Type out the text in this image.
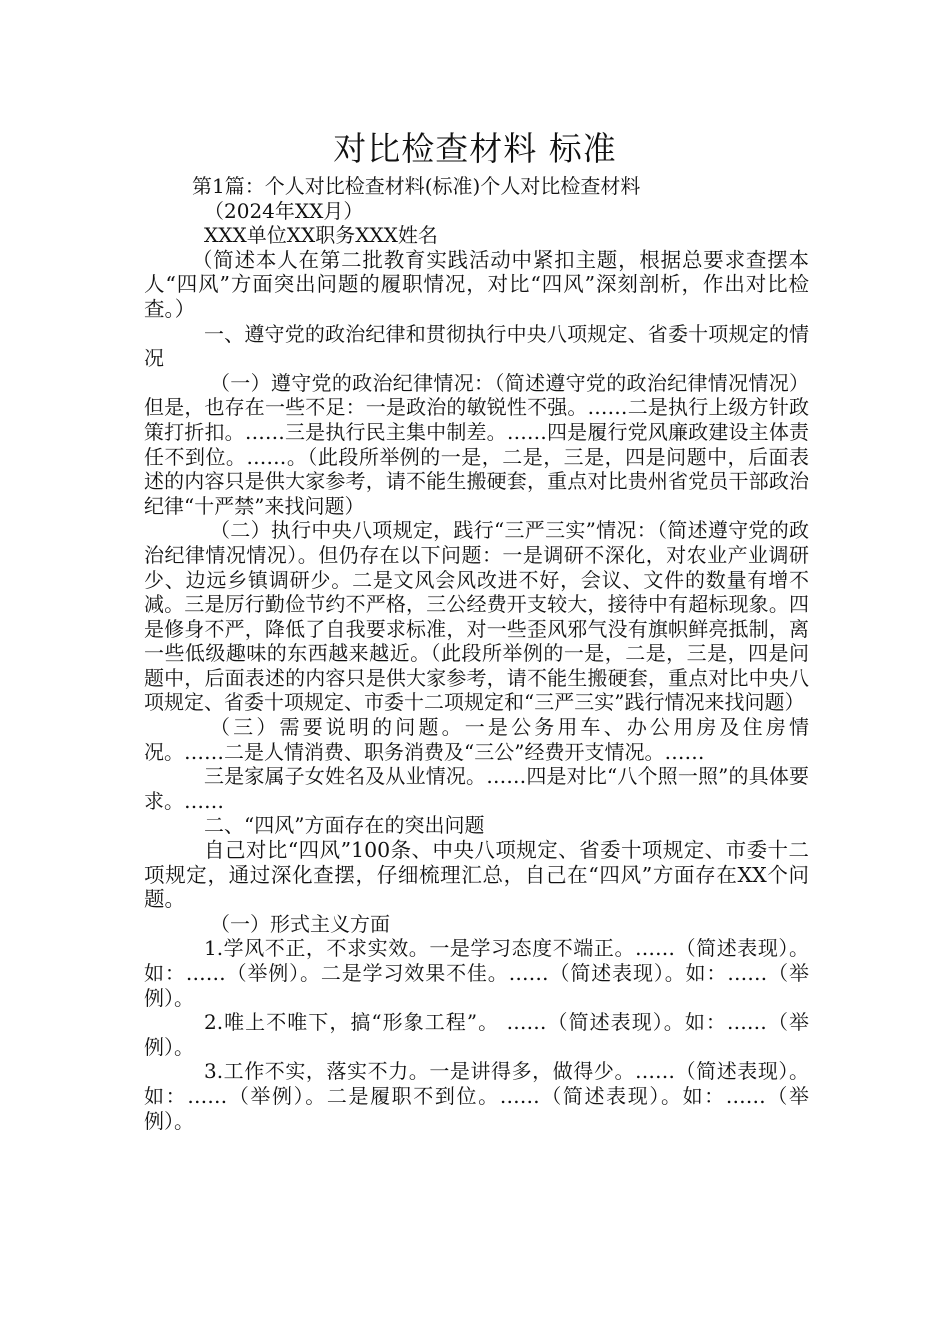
对比检查材料 标准

第1篇：个人对比检查材料(标准)个人对比检查材料

（2024年XX月）

XXX单位XX职务XXX姓名

（简述本人在第二批教育实践活动中紧扣主题，根据总要求查摆本人“四风”方面突出问题的履职情况，对比“四风”深刻剖析，作出对比检查。）

一、遵守党的政治纪律和贯彻执行中央八项规定、省委十项规定的情况

（一）遵守党的政治纪律情况：（简述遵守党的政治纪律情况情况）但是，也存在一些不足：一是政治的敏锐性不强。……二是执行上级方针政策打折扣。……三是执行民主集中制差。……四是履行党风廉政建设主体责任不到位。……。（此段所举例的一是，二是，三是，四是问题中，后面表述的内容只是供大家参考，请不能生搬硬套，重点对比贵州省党员干部政治纪律“十严禁”来找问题）

（二）执行中央八项规定，践行“三严三实”情况：（简述遵守党的政治纪律情况情况）。但仍存在以下问题：一是调研不深化，对农业产业调研少、边远乡镇调研少。二是文风会风改进不好，会议、文件的数量有增不减。三是厉行勤俭节约不严格，三公经费开支较大，接待中有超标现象。四是修身不严，降低了自我要求标准，对一些歪风邪气没有旗帜鲜亮抵制，离一些低级趣味的东西越来越近。（此段所举例的一是，二是，三是，四是问题中，后面表述的内容只是供大家参考，请不能生搬硬套，重点对比中央八项规定、省委十项规定、市委十二项规定和“三严三实”践行情况来找问题）

（三）需要说明的问题。一是公务用车、办公用房及住房情况。……二是人情消费、职务消费及“三公”经费开支情况。……

三是家属子女姓名及从业情况。……四是对比“八个照一照”的具体要求。……

二、“四风”方面存在的突出问题

自己对比“四风”100条、中央八项规定、省委十项规定、市委十二项规定，通过深化查摆，仔细梳理汇总，自己在“四风”方面存在XX个问题。

（一）形式主义方面

1.学风不正，不求实效。一是学习态度不端正。……（简述表现）。如：……（举例）。二是学习效果不佳。……（简述表现）。如：……（举例）。

2.唯上不唯下，搞“形象工程”。 ……（简述表现）。如：……（举例）。

3.工作不实，落实不力。一是讲得多，做得少。……（简述表现）。如：……（举例）。二是履职不到位。……（简述表现）。如：……（举例）。
